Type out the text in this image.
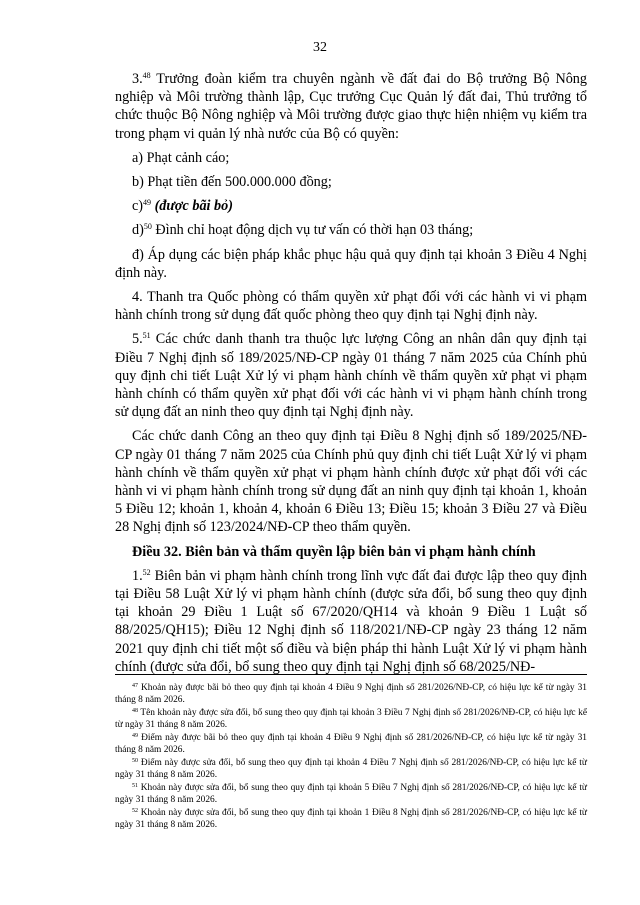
32

3.48 Trưởng đoàn kiểm tra chuyên ngành về đất đai do Bộ trưởng Bộ Nông nghiệp và Môi trường thành lập, Cục trưởng Cục Quản lý đất đai, Thủ trưởng tổ chức thuộc Bộ Nông nghiệp và Môi trường được giao thực hiện nhiệm vụ kiểm tra trong phạm vi quản lý nhà nước của Bộ có quyền:

a) Phạt cảnh cáo;

b) Phạt tiền đến 500.000.000 đồng;

c)$^{49}$ (được bãi bỏ)

d)$^{50}$ Đình chỉ hoạt động dịch vụ tư vấn có thời hạn 03 tháng;

đ) Áp dụng các biện pháp khắc phục hậu quả quy định tại khoản 3 Điều 4 Nghị định này.

4. Thanh tra Quốc phòng có thẩm quyền xử phạt đối với các hành vi vi phạm hành chính trong sử dụng đất quốc phòng theo quy định tại Nghị định này.

5.51 Các chức danh thanh tra thuộc lực lượng Công an nhân dân quy định tại Điều 7 Nghị định số 189/2025/NĐ-CP ngày 01 tháng 7 năm 2025 của Chính phủ quy định chi tiết Luật Xử lý vi phạm hành chính về thẩm quyền xử phạt vi phạm hành chính có thẩm quyền xử phạt đối với các hành vi vi phạm hành chính trong sử dụng đất an ninh theo quy định tại Nghị định này.

Các chức danh Công an theo quy định tại Điều 8 Nghị định số 189/2025/NĐ-CP ngày 01 tháng 7 năm 2025 của Chính phủ quy định chi tiết Luật Xử lý vi phạm hành chính về thẩm quyền xử phạt vi phạm hành chính được xử phạt đối với các hành vi vi phạm hành chính trong sử dụng đất an ninh quy định tại khoản 1, khoản 5 Điều 12; khoản 1, khoản 4, khoản 6 Điều 13; Điều 15; khoản 3 Điều 27 và Điều 28 Nghị định số 123/2024/NĐ-CP theo thẩm quyền.

Điều 32. Biên bản và thẩm quyền lập biên bản vi phạm hành chính

1.52 Biên bản vi phạm hành chính trong lĩnh vực đất đai được lập theo quy định tại Điều 58 Luật Xử lý vi phạm hành chính (được sửa đổi, bổ sung theo quy định tại khoản 29 Điều 1 Luật số 67/2020/QH14 và khoản 9 Điều 1 Luật số 88/2025/QH15); Điều 12 Nghị định số 118/2021/NĐ-CP ngày 23 tháng 12 năm 2021 quy định chi tiết một số điều và biện pháp thi hành Luật Xử lý vi phạm hành chính (được sửa đổi, bổ sung theo quy định tại Nghị định số 68/2025/NĐ-

$^{47}$ Khoản này được bãi bỏ theo quy định tại khoản 4 Điều 9 Nghị định số 281/2026/NĐ-CP, có hiệu lực kể từ ngày 31 tháng 8 năm 2026.

$^{48}$ Tên khoản này được sửa đổi, bổ sung theo quy định tại khoản 3 Điều 7 Nghị định số 281/2026/NĐ-CP, có hiệu lực kể từ ngày 31 tháng 8 năm 2026.

$^{49}$ Điểm này được bãi bỏ theo quy định tại khoản 4 Điều 9 Nghị định số 281/2026/NĐ-CP, có hiệu lực kể từ ngày 31 tháng 8 năm 2026.

$^{50}$ Điểm này được sửa đổi, bổ sung theo quy định tại khoản 4 Điều 7 Nghị định số 281/2026/NĐ-CP, có hiệu lực kể từ ngày 31 tháng 8 năm 2026.

$^{51}$ Khoản này được sửa đổi, bổ sung theo quy định tại khoản 5 Điều 7 Nghị định số 281/2026/NĐ-CP, có hiệu lực kể từ ngày 31 tháng 8 năm 2026.

$^{52}$ Khoản này được sửa đổi, bổ sung theo quy định tại khoản 1 Điều 8 Nghị định số 281/2026/NĐ-CP, có hiệu lực kể từ ngày 31 tháng 8 năm 2026.
